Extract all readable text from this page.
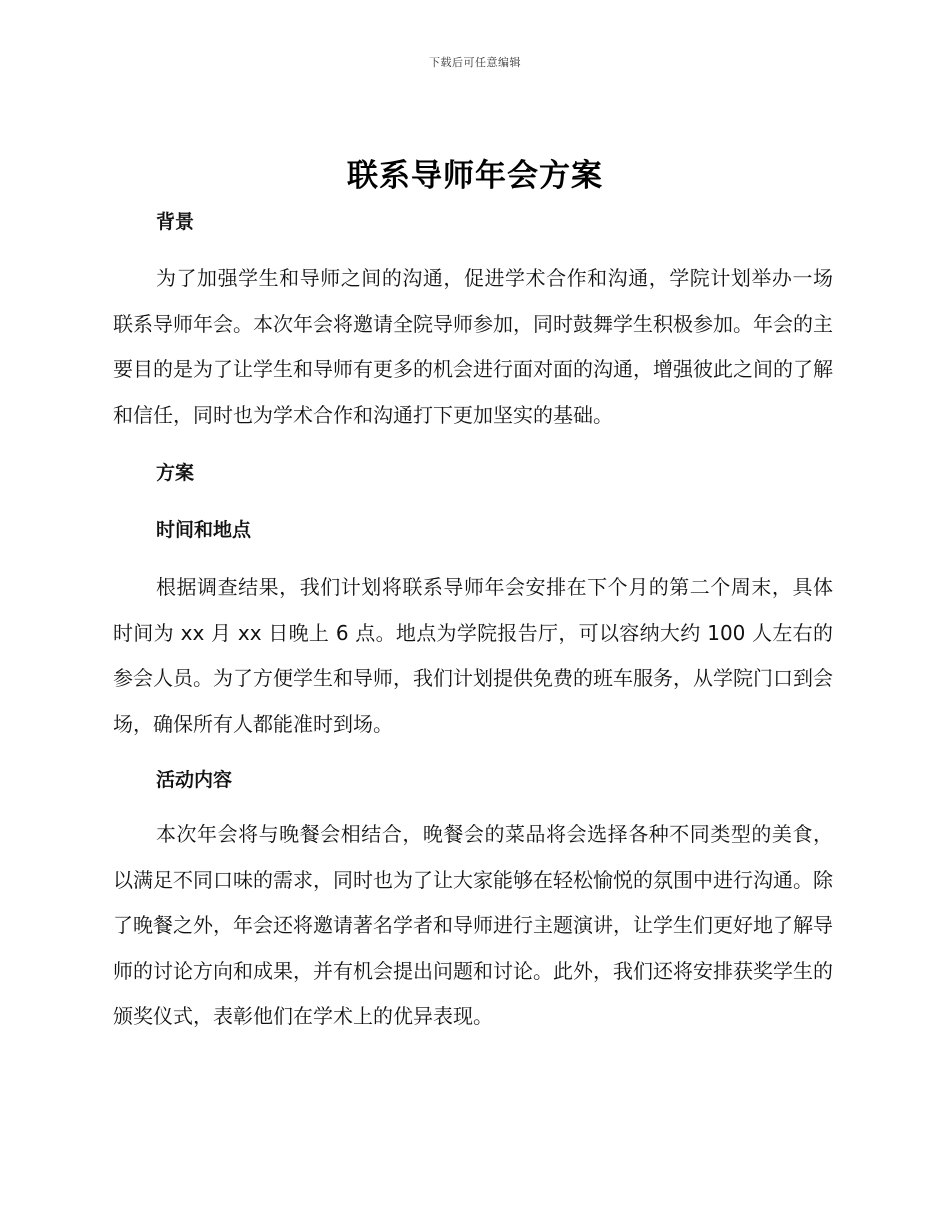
下载后可任意编辑
联系导师年会方案
背景

为了加强学生和导师之间的沟通，促进学术合作和沟通，学院计划举办一场联系导师年会。本次年会将邀请全院导师参加，同时鼓舞学生积极参加。年会的主要目的是为了让学生和导师有更多的机会进行面对面的沟通，增强彼此之间的了解和信任，同时也为学术合作和沟通打下更加坚实的基础。

方案
时间和地点

根据调查结果，我们计划将联系导师年会安排在下个月的第二个周末，具体时间为 xx 月 xx 日晚上 6 点。地点为学院报告厅，可以容纳大约 100 人左右的参会人员。为了方便学生和导师，我们计划提供免费的班车服务，从学院门口到会场，确保所有人都能准时到场。

活动内容

本次年会将与晚餐会相结合，晚餐会的菜品将会选择各种不同类型的美食，以满足不同口味的需求，同时也为了让大家能够在轻松愉悦的氛围中进行沟通。除了晚餐之外，年会还将邀请著名学者和导师进行主题演讲，让学生们更好地了解导师的讨论方向和成果，并有机会提出问题和讨论。此外，我们还将安排获奖学生的颁奖仪式，表彰他们在学术上的优异表现。
